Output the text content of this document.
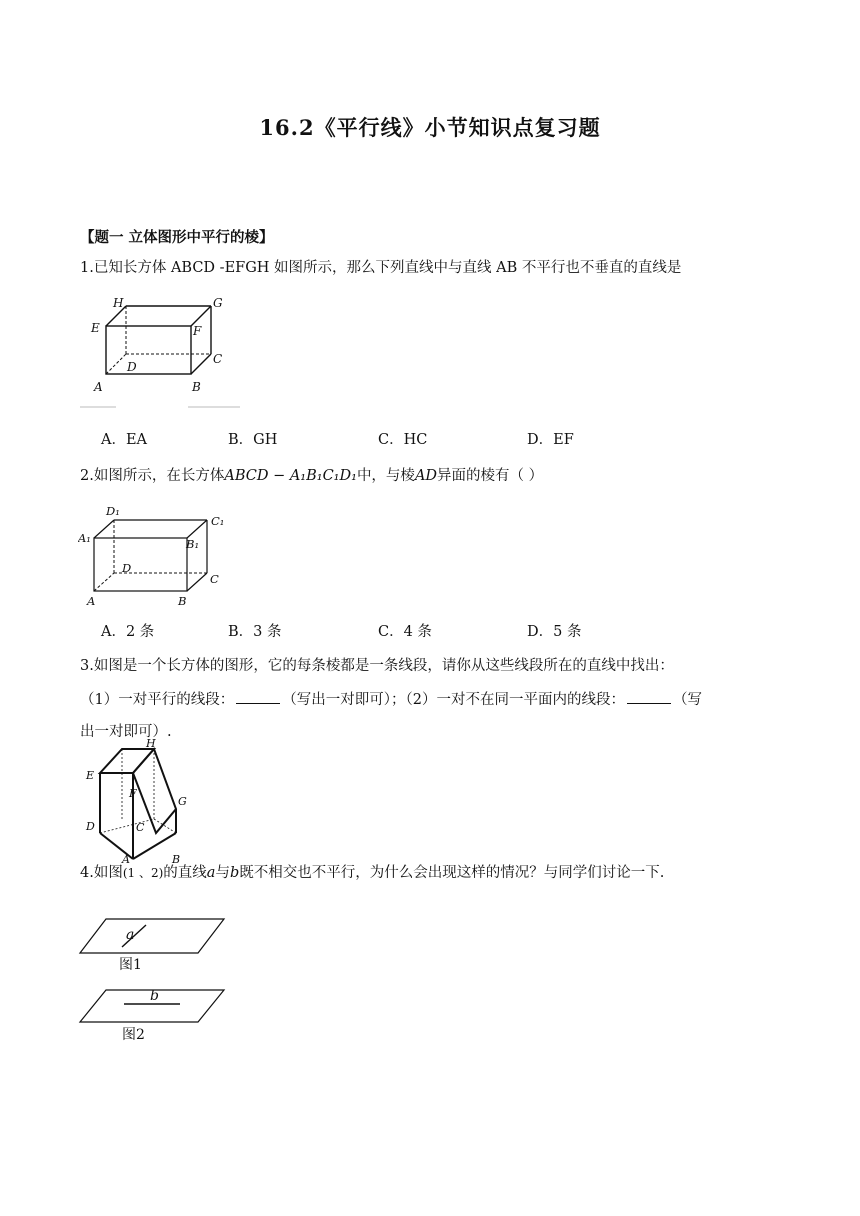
16.2《平行线》小节知识点复习题
【题一 立体图形中平行的棱】
1.已知长方体 ABCD -EFGH 如图所示，那么下列直线中与直线 AB 不平行也不垂直的直线是
H	G
E	F
C
D
A	B
A．EA	B．GH	C．HC	D．EF
2.如图所示，在长方体ABCD − A₁B₁C₁D₁中，与棱AD异面的棱有（ ）
D₁
C₁
A₁	B₁
D
C
A	B
A．2 条	B．3 条	C．4 条	D．5 条
3.如图是一个长方体的图形，它的每条棱都是一条线段，请你从这些线段所在的直线中找出：
（1）一对平行的线段：	（写出一对即可）；（2）一对不在同一平面内的线段：	（写
出一对即可）.
E
H
F
G
D	C
A	B
4.如图(1 、2)的直线a与b既不相交也不平行，为什么会出现这样的情况？与同学们讨论一下.
a
图1
b
图2
